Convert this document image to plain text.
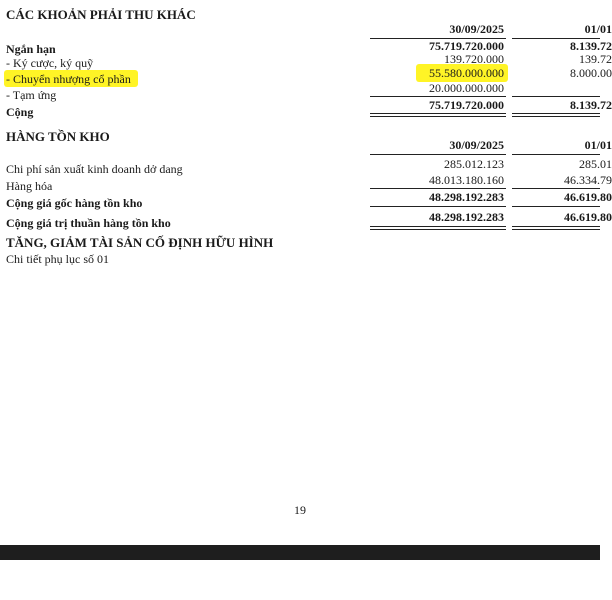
CÁC KHOẢN PHẢI THU KHÁC
30/09/2025	01/01
Ngắn hạn	75.719.720.000	8.139.72
- Ký cược, ký quỹ	139.720.000	139.72
- Chuyển nhượng cổ phần	55.580.000.000	8.000.00
- Tạm ứng	20.000.000.000
Cộng	75.719.720.000	8.139.72
HÀNG TỒN KHO
30/09/2025	01/01
Chi phí sản xuất kinh doanh dở dang	285.012.123	285.01
Hàng hóa	48.013.180.160	46.334.79
Cộng giá gốc hàng tồn kho	48.298.192.283	46.619.80
Cộng giá trị thuần hàng tồn kho	48.298.192.283	46.619.80
TĂNG, GIẢM TÀI SẢN CỐ ĐỊNH HỮU HÌNH
Chi tiết phụ lục số 01
19
